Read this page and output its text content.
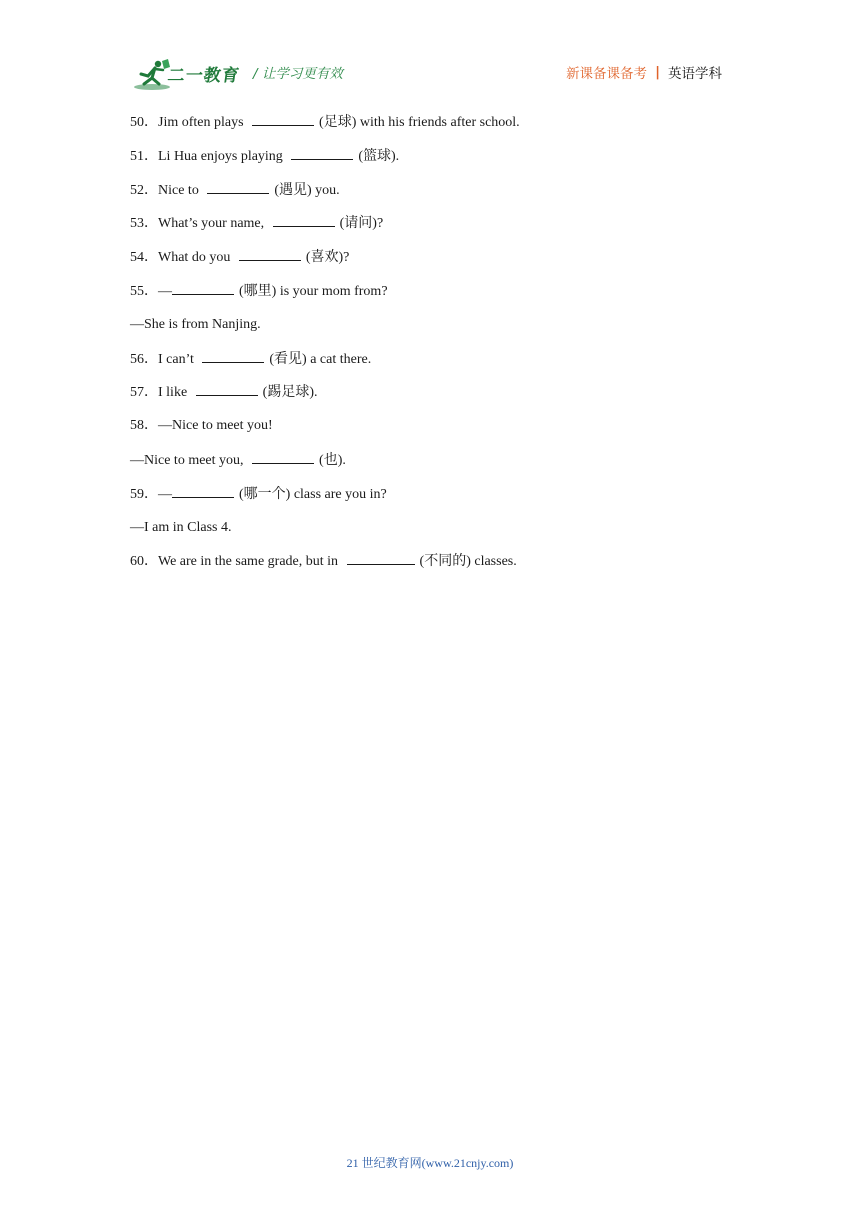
二一教育 / 让学习更有效	新课备课备考 | 英语学科
50．Jim often plays	(足球) with his friends after school.
51．Li Hua enjoys playing	(篮球).
52．Nice to	(遇见) you.
53．What’s your name,	(请问)?
54．What do you	(喜欢)?
55．—	(哪里) is your mom from?
—She is from Nanjing.
56．I can’t	(看见) a cat there.
57．I like	(踢足球).
58．—Nice to meet you!
—Nice to meet you,	(也).
59．—	(哪一个) class are you in?
—I am in Class 4.
60．We are in the same grade, but in	(不同的) classes.
21 世纪教育网(www.21cnjy.com)
